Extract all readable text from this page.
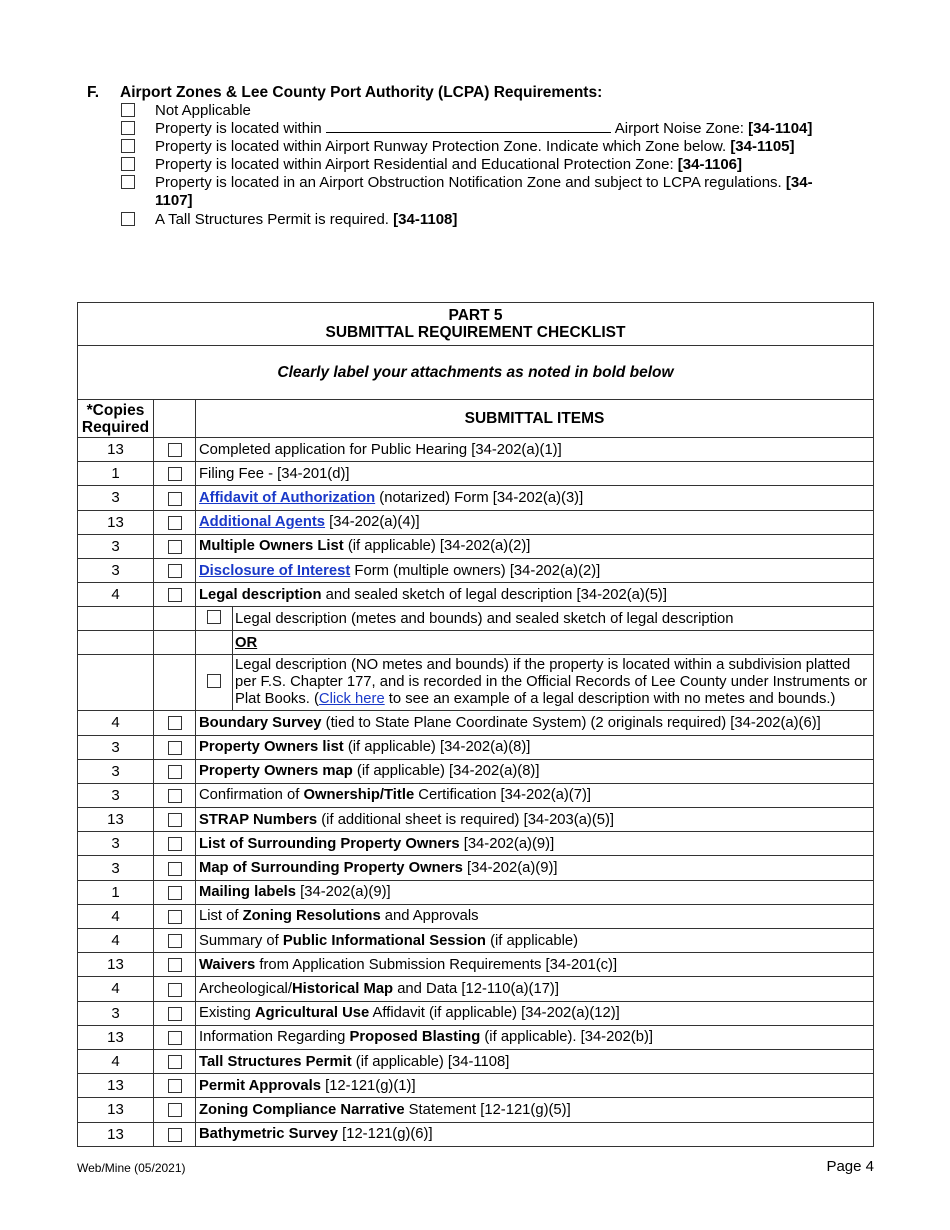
F. Airport Zones & Lee County Port Authority (LCPA) Requirements:
Not Applicable
Property is located within	Airport Noise Zone: [34-1104]
Property is located within Airport Runway Protection Zone. Indicate which Zone below. [34-1105]
Property is located within Airport Residential and Educational Protection Zone: [34-1106]
Property is located in an Airport Obstruction Notification Zone and subject to LCPA regulations. [34-
1107]
A Tall Structures Permit is required. [34-1108]
PART 5
SUBMITTAL REQUIREMENT CHECKLIST

Clearly label your attachments as noted in bold below

*Copies
Required
		SUBMITTAL ITEMS
13		Completed application for Public Hearing [34-202(a)(1)]
1		Filing Fee - [34-201(d)]
3		Affidavit of Authorization (notarized) Form [34-202(a)(3)]
13		Additional Agents [34-202(a)(4)]
3		Multiple Owners List (if applicable) [34-202(a)(2)]
3		Disclosure of Interest Form (multiple owners) [34-202(a)(2)]
4		Legal description and sealed sketch of legal description [34-202(a)(5)]

	Legal description (metes and bounds) and sealed sketch of legal description

	OR

	Legal description (NO metes and bounds) if the property is located within a subdivision platted per F.S. Chapter 177, and is recorded in the Official Records of Lee County under Instruments or Plat Books. (Click here to see an example of a legal description with no metes and bounds.)

4		Boundary Survey (tied to State Plane Coordinate System) (2 originals required) [34-202(a)(6)]
3		Property Owners list (if applicable) [34-202(a)(8)]
3		Property Owners map (if applicable) [34-202(a)(8)]
3		Confirmation of Ownership/Title Certification [34-202(a)(7)]
13		STRAP Numbers (if additional sheet is required) [34-203(a)(5)]
3		List of Surrounding Property Owners [34-202(a)(9)]
3		Map of Surrounding Property Owners [34-202(a)(9)]
1		Mailing labels [34-202(a)(9)]
4		List of Zoning Resolutions and Approvals
4		Summary of Public Informational Session (if applicable)
13		Waivers from Application Submission Requirements [34-201(c)]
4		Archeological/Historical Map and Data [12-110(a)(17)]
3		Existing Agricultural Use Affidavit (if applicable) [34-202(a)(12)]
13		Information Regarding Proposed Blasting (if applicable). [34-202(b)]
4		Tall Structures Permit (if applicable) [34-1108]
13		Permit Approvals [12-121(g)(1)]
13		Zoning Compliance Narrative Statement [12-121(g)(5)]
13		Bathymetric Survey [12-121(g)(6)]
Web/Mine (05/2021)	Page 4
